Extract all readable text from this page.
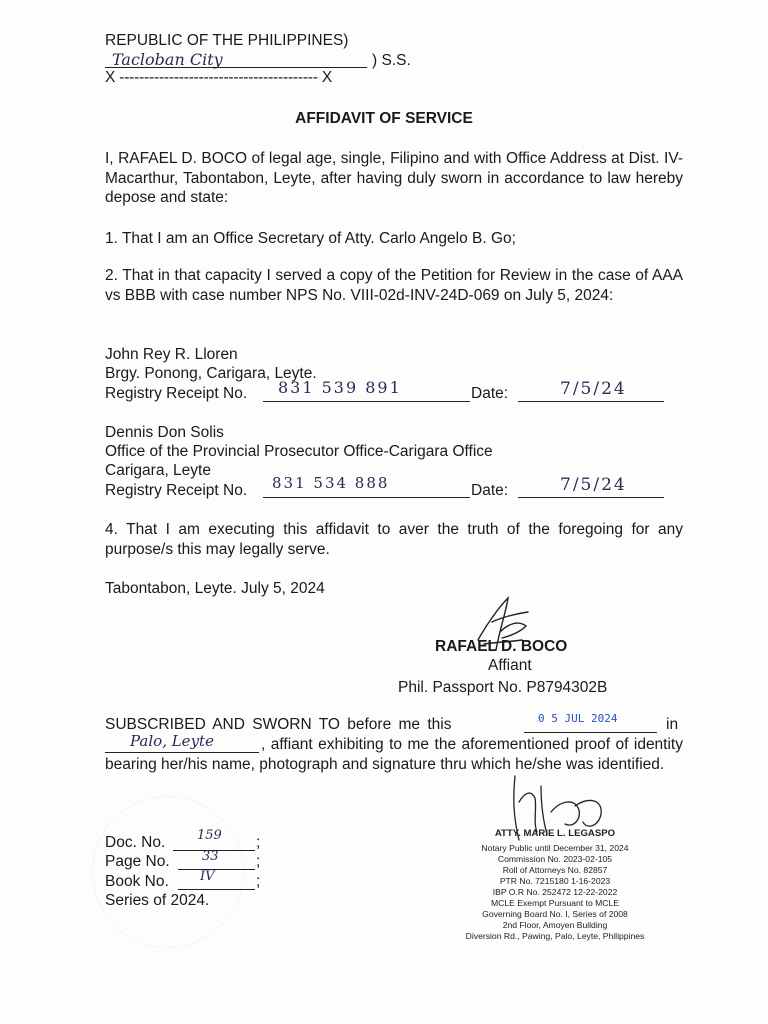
REPUBLIC OF THE PHILIPPINES)
Tacloban City	) S.S.
X ---------------------------------------- X
AFFIDAVIT OF SERVICE
I, RAFAEL D. BOCO of legal age, single, Filipino and with Office Address at Dist. IV-Macarthur, Tabontabon, Leyte, after having duly sworn in accordance to law hereby depose and state:
1. That I am an Office Secretary of Atty. Carlo Angelo B. Go;
2. That in that capacity I served a copy of the Petition for Review in the case of AAA vs BBB with case number NPS No. VIII-02d-INV-24D-069 on July 5, 2024:
John Rey R. Lloren
Brgy. Ponong, Carigara, Leyte.
Registry Receipt No. 831 539 891	Date:	7/5/24
Dennis Don Solis
Office of the Provincial Prosecutor Office-Carigara Office
Carigara, Leyte
Registry Receipt No. 831 534 888	Date:	7/5/24
4. That I am executing this affidavit to aver the truth of the foregoing for any purpose/s this may legally serve.
Tabontabon, Leyte. July 5, 2024
RAFAEL D. BOCO
Affiant
Phil. Passport No. P8794302B
SUBSCRIBED AND SWORN TO before me this	0 5 JUL 2024	in
Palo, Leyte	, affiant exhibiting to me the aforementioned proof of identity bearing her/his name, photograph and signature thru which he/she was identified.
Doc. No. 159 ;
Page No. 33 ;
Book No. IV	;
Series of 2024.
ATTY. MARIE L. LEGASPO
Notary Public until December 31, 2024
Commission No. 2023-02-105
Roll of Attorneys No. 82857
PTR No. 7215180 1-16-2023
IBP O.R No. 252472 12-22-2022
MCLE Exempt Pursuant to MCLE
Governing Board No. I, Series of 2008
2nd Floor, Amoyen Building
Diversion Rd., Pawing, Palo, Leyte, Philippines
